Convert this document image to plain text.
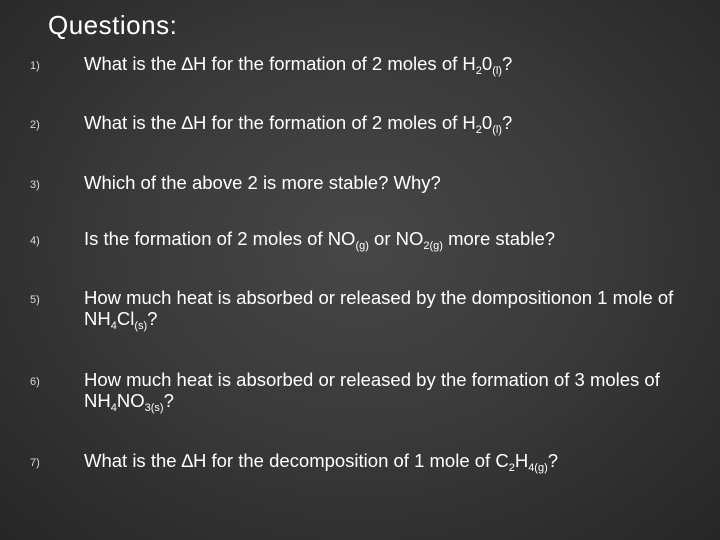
Questions:
1) What is the ∆H for the formation of 2 moles of $H_20_{(l)}$?
2) What is the ∆H for the formation of 2 moles of $H_20_{(l)}$?
3) Which of the above 2 is more stable? Why?
4) Is the formation of 2 moles of $NO_{(g)}$ or $NO_{2(g)}$ more stable?
5) How much heat is absorbed or released by the dompositionon 1 mole of $NH_4Cl_{(s)}$?
6) How much heat is absorbed or released by the formation of 3 moles of $NH_4NO_{3(s)}$?
7) What is the ∆H for the decomposition of 1 mole of $C_2H_{4(g)}$?
